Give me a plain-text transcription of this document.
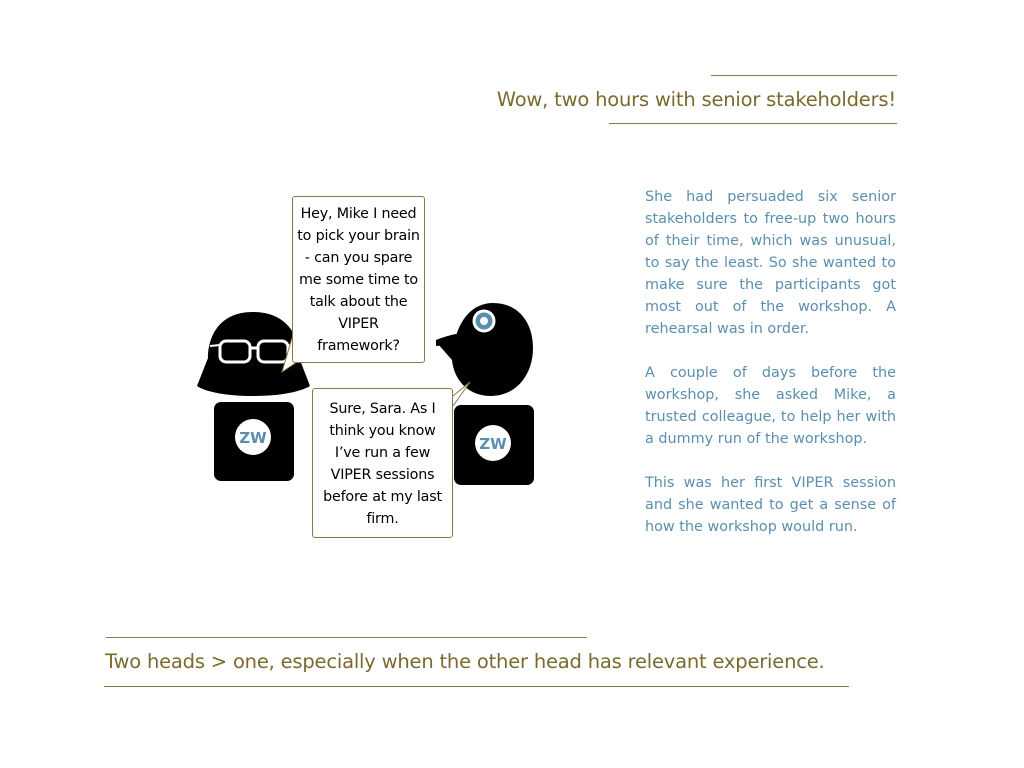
Wow, two hours with senior stakeholders!
ZW	ZW
Hey, Mike I need to pick your brain - can you spare me some time to talk about the VIPER framework?
Sure, Sara. As I think you know I’ve run a few VIPER sessions before at my last firm.

She had persuaded six senior stakeholders to free-up two hours of their time, which was unusual, to say the least. So she wanted to make sure the participants got most out of the workshop. A rehearsal was in order.

A couple of days before the workshop, she asked Mike, a trusted colleague, to help her with a dummy run of the workshop.

This was her first VIPER session and she wanted to get a sense of how the workshop would run.

Two heads > one, especially when the other head has relevant experience.
